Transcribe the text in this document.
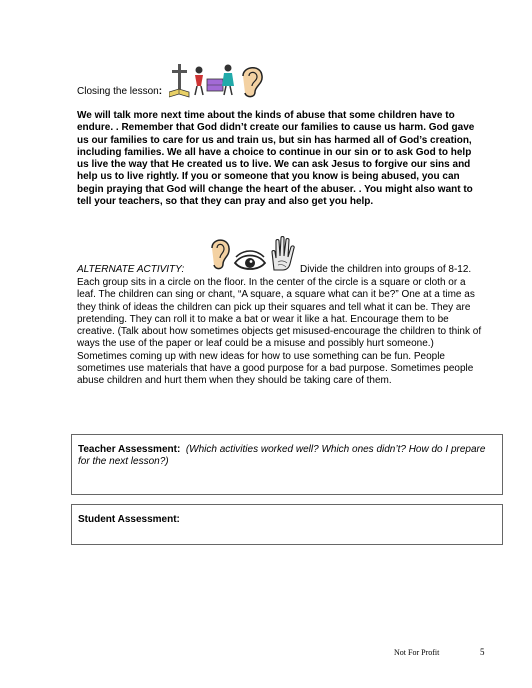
Closing the lesson:

We will talk more next time about the kinds of abuse that some children have to endure. . Remember that God didn’t create our families to cause us harm. God gave us our families to care for us and train us, but sin has harmed all of God’s creation, including families. We all have a choice to continue in our sin or to ask God to help us live the way that He created us to live. We can ask Jesus to forgive our sins and help us to live rightly. If you or someone that you know is being abused, you can begin praying that God will change the heart of the abuser. . You might also want to tell your teachers, so that they can pray and also get you help.

ALTERNATE ACTIVITY:	Divide the children into groups of 8-12.

Each group sits in a circle on the floor. In the center of the circle is a square or cloth or a leaf. The children can sing or chant, “A square, a square what can it be?” One at a time as they think of ideas the children can pick up their squares and tell what it can be. They are pretending. They can roll it to make a bat or wear it like a hat. Encourage them to be creative. (Talk about how sometimes objects get misused-encourage the children to think of ways the use of the paper or leaf could be a misuse and possibly hurt someone.) Sometimes coming up with new ideas for how to use something can be fun. People sometimes use materials that have a good purpose for a bad purpose. Sometimes people abuse children and hurt them when they should be taking care of them.

Teacher Assessment: (Which activities worked well? Which ones didn’t? How do I prepare for the next lesson?)
Student Assessment:
Not For Profit	5
